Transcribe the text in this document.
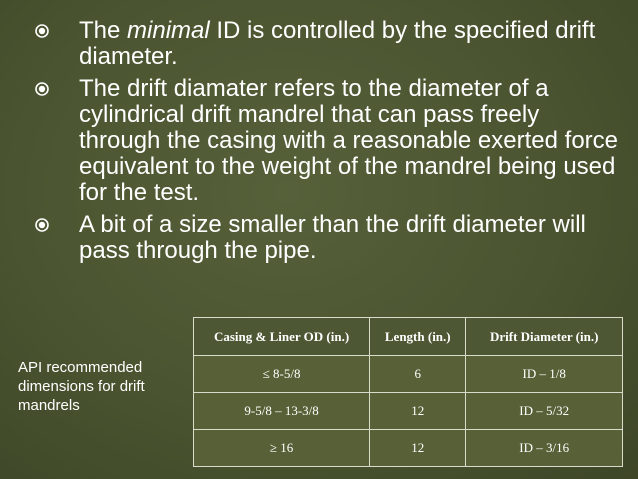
The minimal ID is controlled by the specified drift diameter.
The drift diamater refers to the diameter of a cylindrical drift mandrel that can pass freely through the casing with a reasonable exerted force equivalent to the weight of the mandrel being used for the test.
A bit of a size smaller than the drift diameter will pass through the pipe.

API recommended dimensions for drift mandrels

Casing & Liner OD (in.)	Length (in.)	Drift Diameter (in.)
≤ 8-5/8	6	ID – 1/8
9-5/8 – 13-3/8	12	ID – 5/32
≥ 16	12	ID – 3/16
